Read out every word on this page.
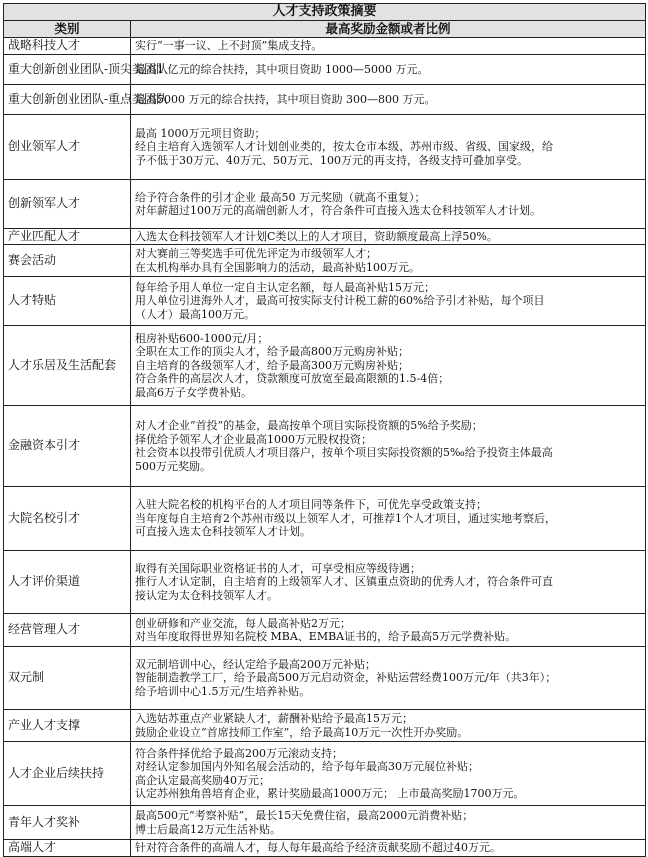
人才支持政策摘要	
类别	最高奖励金额或者比例
战略科技人才	实行“一事一议、上不封顶”集成支持。

重大创新创业团队-顶尖类团队	最高1 亿元的综合扶持，其中项目资助 1000—5000 万元。

重大创新创业团队-重点类团队	最高5000 万元的综合扶持，其中项目资助 300—800 万元。

创业领军人才	最高 1000万元项目资助；
经自主培育入选领军人才计划创业类的，按太仓市本级、苏州市级、省级、国家级，给
予不低于30万元、40万元、50万元、100万元的再支持，各级支持可叠加享受。

创新领军人才	给予符合条件的引才企业 最高50 万元奖励（就高不重复）；
对年薪超过100万元的高端创新人才，符合条件可直接入选太仓科技领军人才计划。

产业匹配人才	入选太仓科技领军人才计划C类以上的人才项目，资助额度最高上浮50%。

赛会活动	对大赛前三等奖选手可优先评定为市级领军人才；
在太机构举办具有全国影响力的活动，最高补贴100万元。

人才特贴	每年给予用人单位一定自主认定名额，每人最高补贴15万元；
用人单位引进海外人才，最高可按实际支付计税工薪的60%给予引才补贴，每个项目
（人才）最高100万元。

人才乐居及生活配套	租房补贴600-1000元/月；
全职在太工作的顶尖人才，给予最高800万元购房补贴；
自主培育的各级领军人才，给予最高300万元购房补贴；
符合条件的高层次人才，贷款额度可放宽至最高限额的1.5-4倍；
最高6万子女学费补贴。

金融资本引才	对人才企业“首投”的基金，最高按单个项目实际投资额的5%给予奖励；
择优给予领军人才企业最高1000万元股权投资；
社会资本以投带引优质人才项目落户，按单个项目实际投资额的5‰给予投资主体最高
500万元奖励。

大院名校引才	入驻大院名校的机构平台的人才项目同等条件下，可优先享受政策支持；
当年度每自主培育2个苏州市级以上领军人才，可推荐1个人才项目，通过实地考察后，
可直接入选太仓科技领军人才计划。

人才评价渠道	取得有关国际职业资格证书的人才，可享受相应等级待遇；
推行人才认定制，自主培育的上级领军人才、区镇重点资助的优秀人才，符合条件可直
接认定为太仓科技领军人才。

经营管理人才	创业研修和产业交流，每人最高补贴2万元；
对当年度取得世界知名院校 MBA、EMBA证书的，给予最高5万元学费补贴。

双元制	双元制培训中心，经认定给予最高200万元补贴；
智能制造教学工厂，给予最高500万元启动资金，补贴运营经费100万元/年（共3年）；
给予培训中心1.5万元/生培养补贴。

产业人才支撑	入选姑苏重点产业紧缺人才，薪酬补贴给予最高15万元；
鼓励企业设立“首席技师工作室”，给予最高10万元一次性开办奖励。

人才企业后续扶持	符合条件择优给予最高200万元滚动支持；
对经认定参加国内外知名展会活动的，给予每年最高30万元展位补贴；
高企认定最高奖励40万元；
认定苏州独角兽培育企业，累计奖励最高1000万元； 上市最高奖励1700万元。

青年人才奖补	最高500元“考察补贴”，最长15天免费住宿，最高2000元消费补贴；
博士后最高12万元生活补贴。

高端人才	针对符合条件的高端人才，每人每年最高给予经济贡献奖励不超过40万元。
